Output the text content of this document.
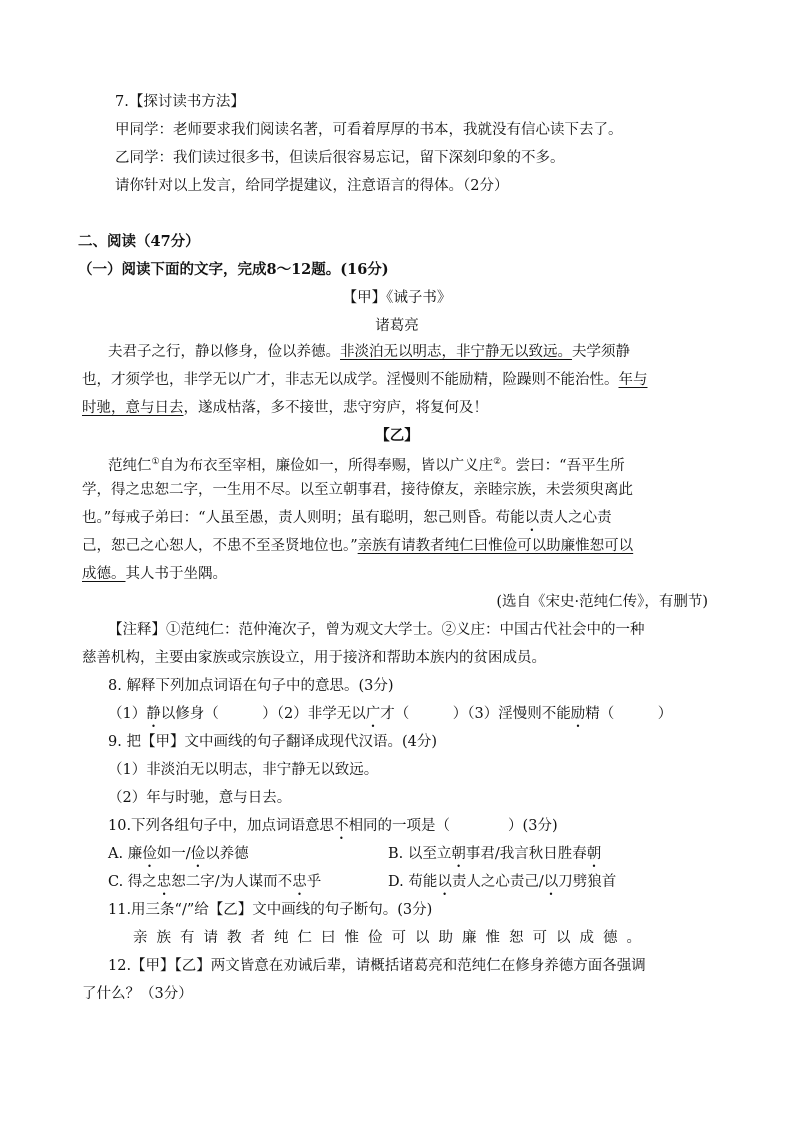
7.【探讨读书方法】
甲同学：老师要求我们阅读名著，可看着厚厚的书本，我就没有信心读下去了。
乙同学：我们读过很多书，但读后很容易忘记，留下深刻印象的不多。
请你针对以上发言，给同学提建议，注意语言的得体。（2分）
二、阅读（47分）
（一）阅读下面的文字，完成8～12题。(16分)
【甲】《诫子书》
诸葛亮
夫君子之行，静以修身，俭以养德。非淡泊无以明志，非宁静无以致远。夫学须静
也，才须学也，非学无以广才，非志无以成学。淫慢则不能励精，险躁则不能治性。年与
时驰，意与日去，遂成枯落，多不接世，悲守穷庐，将复何及！
【乙】
范纯仁①自为布衣至宰相，廉俭如一，所得奉赐，皆以广义庄②。尝曰：“吾平生所
学，得之忠恕二字，一生用不尽。以至立朝事君，接待僚友，亲睦宗族，未尝须臾离此
也。”每戒子弟曰：“人虽至愚，责人则明；虽有聪明，恕己则昏。苟能以责人之心责
己，恕己之心恕人，不患不至圣贤地位也。”亲族有请教者纯仁曰惟俭可以助廉惟恕可以
成德。其人书于坐隅。
(选自《宋史·范纯仁传》，有删节)
【注释】①范纯仁：范仲淹次子，曾为观文大学士。②义庄：中国古代社会中的一种
慈善机构，主要由家族或宗族设立，用于接济和帮助本族内的贫困成员。
8. 解释下列加点词语在句子中的意思。(3分)
（1）静以修身（　　　）（2）非学无以广才（　　　）（3）淫慢则不能励精（　　　）
9. 把【甲】文中画线的句子翻译成现代汉语。(4分)
（1）非淡泊无以明志，非宁静无以致远。
（2）年与时驰，意与日去。
10.下列各组句子中，加点词语意思不相同的一项是（　　　　）(3分)
A. 廉俭如一/俭以养德	B. 以至立朝事君/我言秋日胜春朝
C. 得之忠恕二字/为人谋而不忠乎	D. 苟能以责人之心责己/以刀劈狼首
11.用三条“/”给【乙】文中画线的句子断句。(3分)
亲族有请教者纯仁曰惟俭可以助廉惟恕可以成德。
12.【甲】【乙】两文皆意在劝诫后辈，请概括诸葛亮和范纯仁在修身养德方面各强调
了什么？（3分）
